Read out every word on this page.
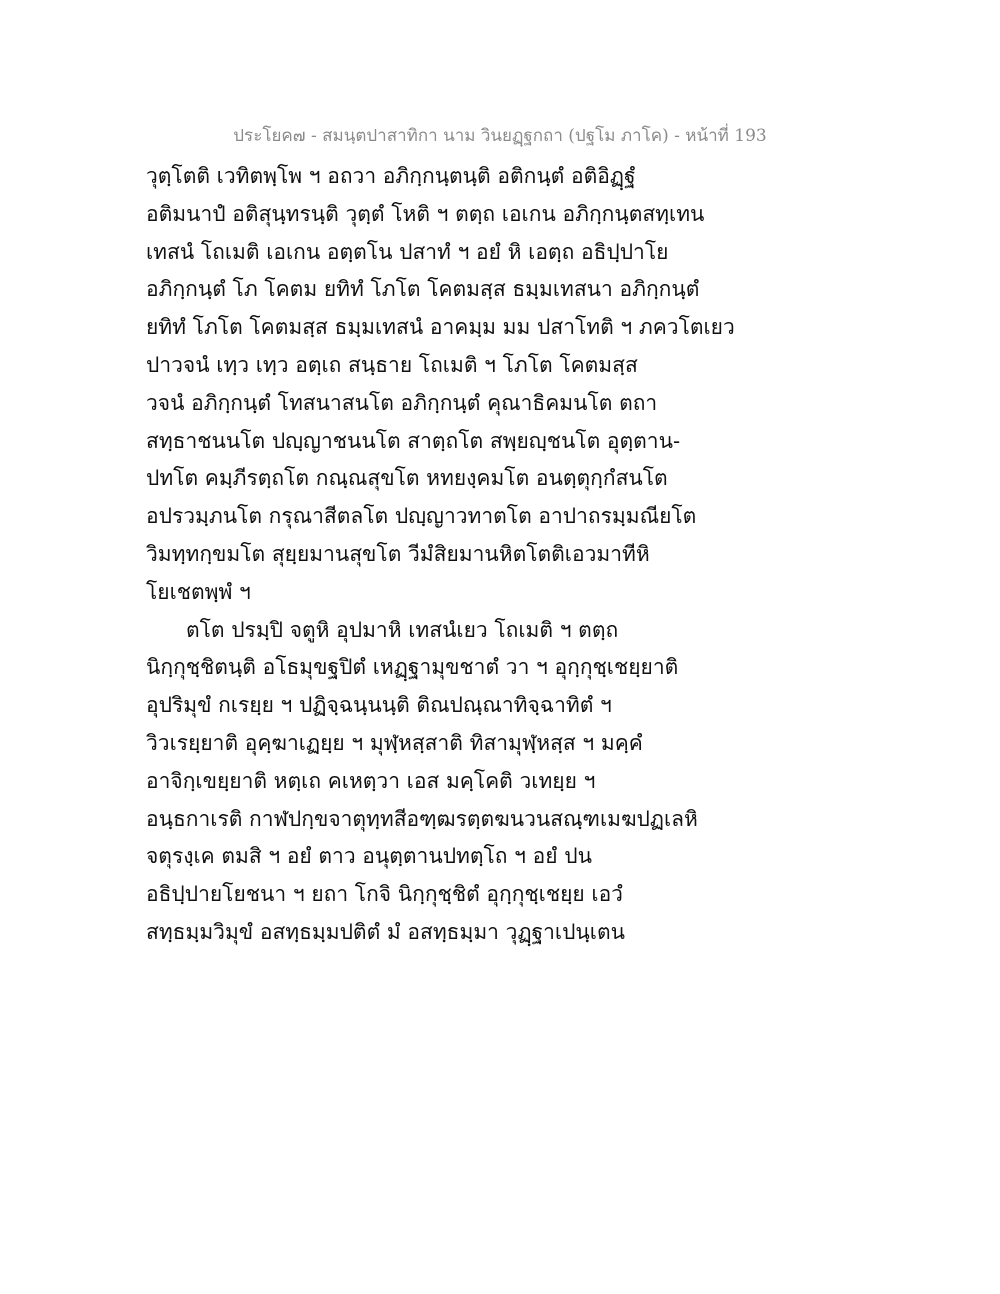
ประโยค๗ - สมนฺตปาสาทิกา นาม วินยฏฺฐกถา (ปฐโม ภาโค) - หน้าที่ 193
วุตฺโตติ เวทิตพฺโพ ฯ อถวา อภิกฺกนฺตนฺติ อติกนฺตํ อติอิฏฺฐํ
อติมนาปํ อติสุนฺทรนฺติ วุตฺตํ โหติ ฯ ตตฺถ เอเกน อภิกฺกนฺตสทฺเทน
เทสนํ โถเมติ เอเกน อตฺตโน ปสาทํ ฯ อยํ หิ เอตฺถ อธิปฺปาโย
อภิกฺกนฺตํ โภ โคตม ยทิทํ โภโต โคตมสฺส ธมฺมเทสนา อภิกฺกนฺตํ
ยทิทํ โภโต โคตมสฺส ธมฺมเทสนํ อาคมฺม มม ปสาโทติ ฯ ภควโตเยว
ปาวจนํ เทฺว เทฺว อตฺเถ สนฺธาย โถเมติ ฯ โภโต โคตมสฺส
วจนํ อภิกฺกนฺตํ โทสนาสนโต อภิกฺกนฺตํ คุณาธิคมนโต ตถา
สทฺธาชนนโต ปญฺญาชนนโต สาตฺถโต สพฺยญฺชนโต อุตฺตาน-
ปทโต คมฺภีรตฺถโต กณฺณสุขโต หทยงฺคมโต อนตฺตุกฺกํสนโต
อปรวมฺภนโต กรุณาสีตลโต ปญฺญาวทาตโต อาปาถรมฺมณียโต
วิมทฺทกฺขมโต สุยฺยมานสุขโต วีมํสิยมานหิตโตติเอวมาทีหิ
โยเชตพฺพํ ฯ
ตโต ปรมฺปิ จตูหิ อุปมาหิ เทสนํเยว โถเมติ ฯ ตตฺถ
นิกฺกุชฺชิตนฺติ อโธมุขฐปิตํ เหฏฺฐามุขชาตํ วา ฯ อุกฺกุชฺเชยฺยาติ
อุปริมุขํ กเรยฺย ฯ ปฏิจฺฉนฺนนฺติ ติณปณฺณาทิจฺฉาทิตํ ฯ
วิวเรยฺยาติ อุคฺฆาเฏยฺย ฯ มุฬฺหสฺสาติ ทิสามุฬฺหสฺส ฯ มคฺคํ
อาจิกฺเขยฺยาติ หตฺเถ คเหตฺวา เอส มคฺโคติ วเทยฺย ฯ
อนฺธกาเรติ กาฬปกฺขจาตุทฺทสีอฑฺฒรตฺตฆนวนสณฺฑเมฆปฏเลหิ
จตุรงฺเค ตมสิ ฯ อยํ ตาว อนุตฺตานปทตฺโถ ฯ อยํ ปน
อธิปฺปายโยชนา ฯ ยถา โกจิ นิกฺกุชฺชิตํ อุกฺกุชฺเชยฺย เอวํ
สทฺธมฺมวิมุขํ อสทฺธมฺมปติตํ มํ อสทฺธมฺมา วุฏฺฐาเปนฺเตน
